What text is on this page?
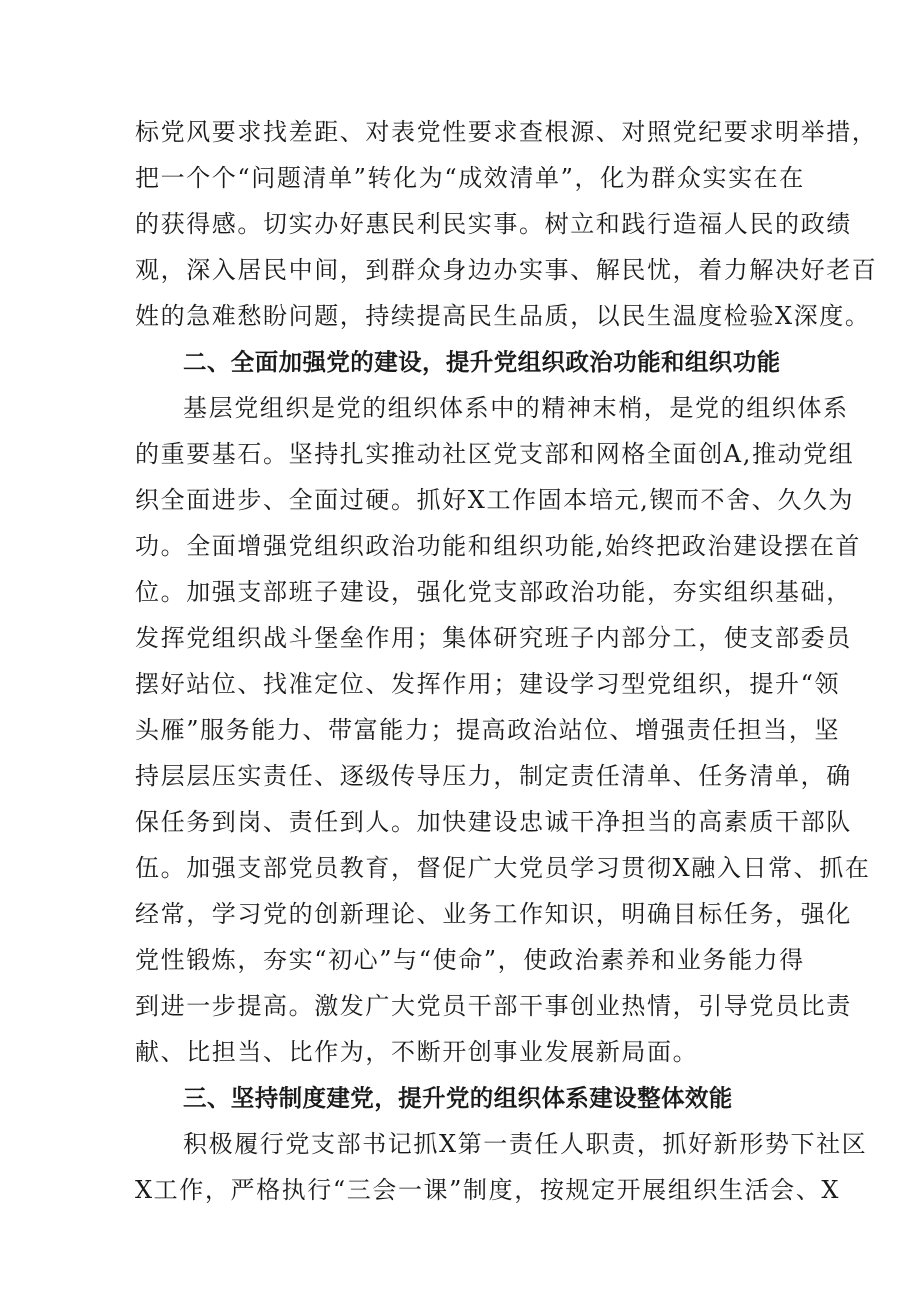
标党风要求找差距、对表党性要求查根源、对照党纪要求明举措，
把一个个“问题清单”转化为“成效清单”，化为群众实实在在
的获得感。切实办好惠民利民实事。树立和践行造福人民的政绩
观，深入居民中间，到群众身边办实事、解民忧，着力解决好老百
姓的急难愁盼问题，持续提高民生品质，以民生温度检验X深度。
二、全面加强党的建设，提升党组织政治功能和组织功能
基层党组织是党的组织体系中的精神末梢，是党的组织体系
的重要基石。坚持扎实推动社区党支部和网格全面创A,推动党组
织全面进步、全面过硬。抓好X工作固本培元,锲而不舍、久久为
功。全面增强党组织政治功能和组织功能,始终把政治建设摆在首
位。加强支部班子建设，强化党支部政治功能，夯实组织基础，
发挥党组织战斗堡垒作用；集体研究班子内部分工，使支部委员
摆好站位、找准定位、发挥作用；建设学习型党组织，提升“领
头雁”服务能力、带富能力；提高政治站位、增强责任担当，坚
持层层压实责任、逐级传导压力，制定责任清单、任务清单，确
保任务到岗、责任到人。加快建设忠诚干净担当的高素质干部队
伍。加强支部党员教育，督促广大党员学习贯彻X融入日常、抓在
经常，学习党的创新理论、业务工作知识，明确目标任务，强化
党性锻炼，夯实“初心”与“使命”，使政治素养和业务能力得
到进一步提高。激发广大党员干部干事创业热情，引导党员比责
献、比担当、比作为，不断开创事业发展新局面。
三、坚持制度建党，提升党的组织体系建设整体效能
积极履行党支部书记抓X第一责任人职责，抓好新形势下社区
X工作，严格执行“三会一课”制度，按规定开展组织生活会、X
